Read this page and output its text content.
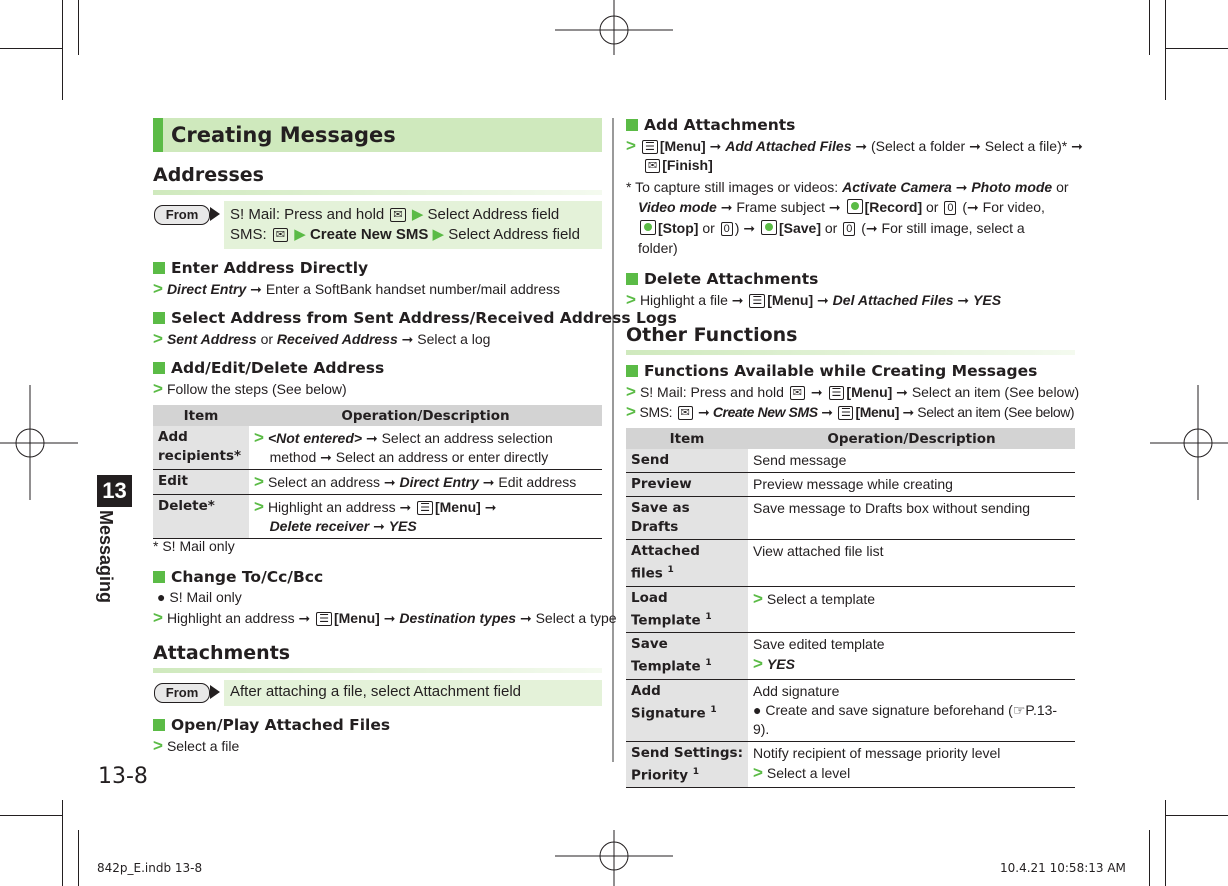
Creating Messages
Addresses
From	S! Mail: Press and hold ✉ ▶ Select Address field
SMS: ✉ ▶ Create New SMS ▶ Select Address field
Enter Address Directly
> Direct Entry ➞ Enter a SoftBank handset number/mail address
Select Address from Sent Address/Received Address Logs
> Sent Address or Received Address ➞ Select a log
Add/Edit/Delete Address
> Follow the steps (See below)
Item	Operation/Description
Add
recipients*	> <Not entered> ➞ Select an address selection
method ➞ Select an address or enter directly
Edit	> Select an address ➞ Direct Entry ➞ Edit address
Delete*	> Highlight an address ➞ ☰ [Menu] ➞
Delete receiver ➞ YES
* S! Mail only
Change To/Cc/Bcc
● S! Mail only
> Highlight an address ➞ ☰ [Menu] ➞ Destination types ➞ Select a type
Attachments
From	After attaching a file, select Attachment field
Open/Play Attached Files
> Select a file
Add Attachments
> ☰ [Menu] ➞ Add Attached Files ➞ (Select a folder ➞ Select a file)* ➞
✉ [Finish]
* To capture still images or videos: Activate Camera ➞ Photo mode or
Video mode ➞ Frame subject ➞ [Record] or 0 (➞ For video,
[Stop] or 0 ) ➞ [Save] or 0 (➞ For still image, select a
folder)
Delete Attachments
> Highlight a file ➞ ☰ [Menu] ➞ Del Attached Files ➞ YES
Other Functions
Functions Available while Creating Messages
> S! Mail: Press and hold ✉ ➞ ☰ [Menu] ➞ Select an item (See below)
> SMS: ✉ ➞ Create New SMS ➞ ☰ [Menu] ➞ Select an item (See below)
Item	Operation/Description
Send	Send message
Preview	Preview message while creating
Save as
Drafts	Save message to Drafts box without sending
Attached
files $^1$	View attached file list
Load
Template $^1$	> Select a template
Save
Template $^1$	Save edited template
> YES
Add
Signature $^1$	Add signature
● Create and save signature beforehand (☞P.13-9).
Send Settings:
Priority $^1$	Notify recipient of message priority level
> Select a level
13
Messaging
13-8
842p_E.indb 13-8	10.4.21 10:58:13 AM
